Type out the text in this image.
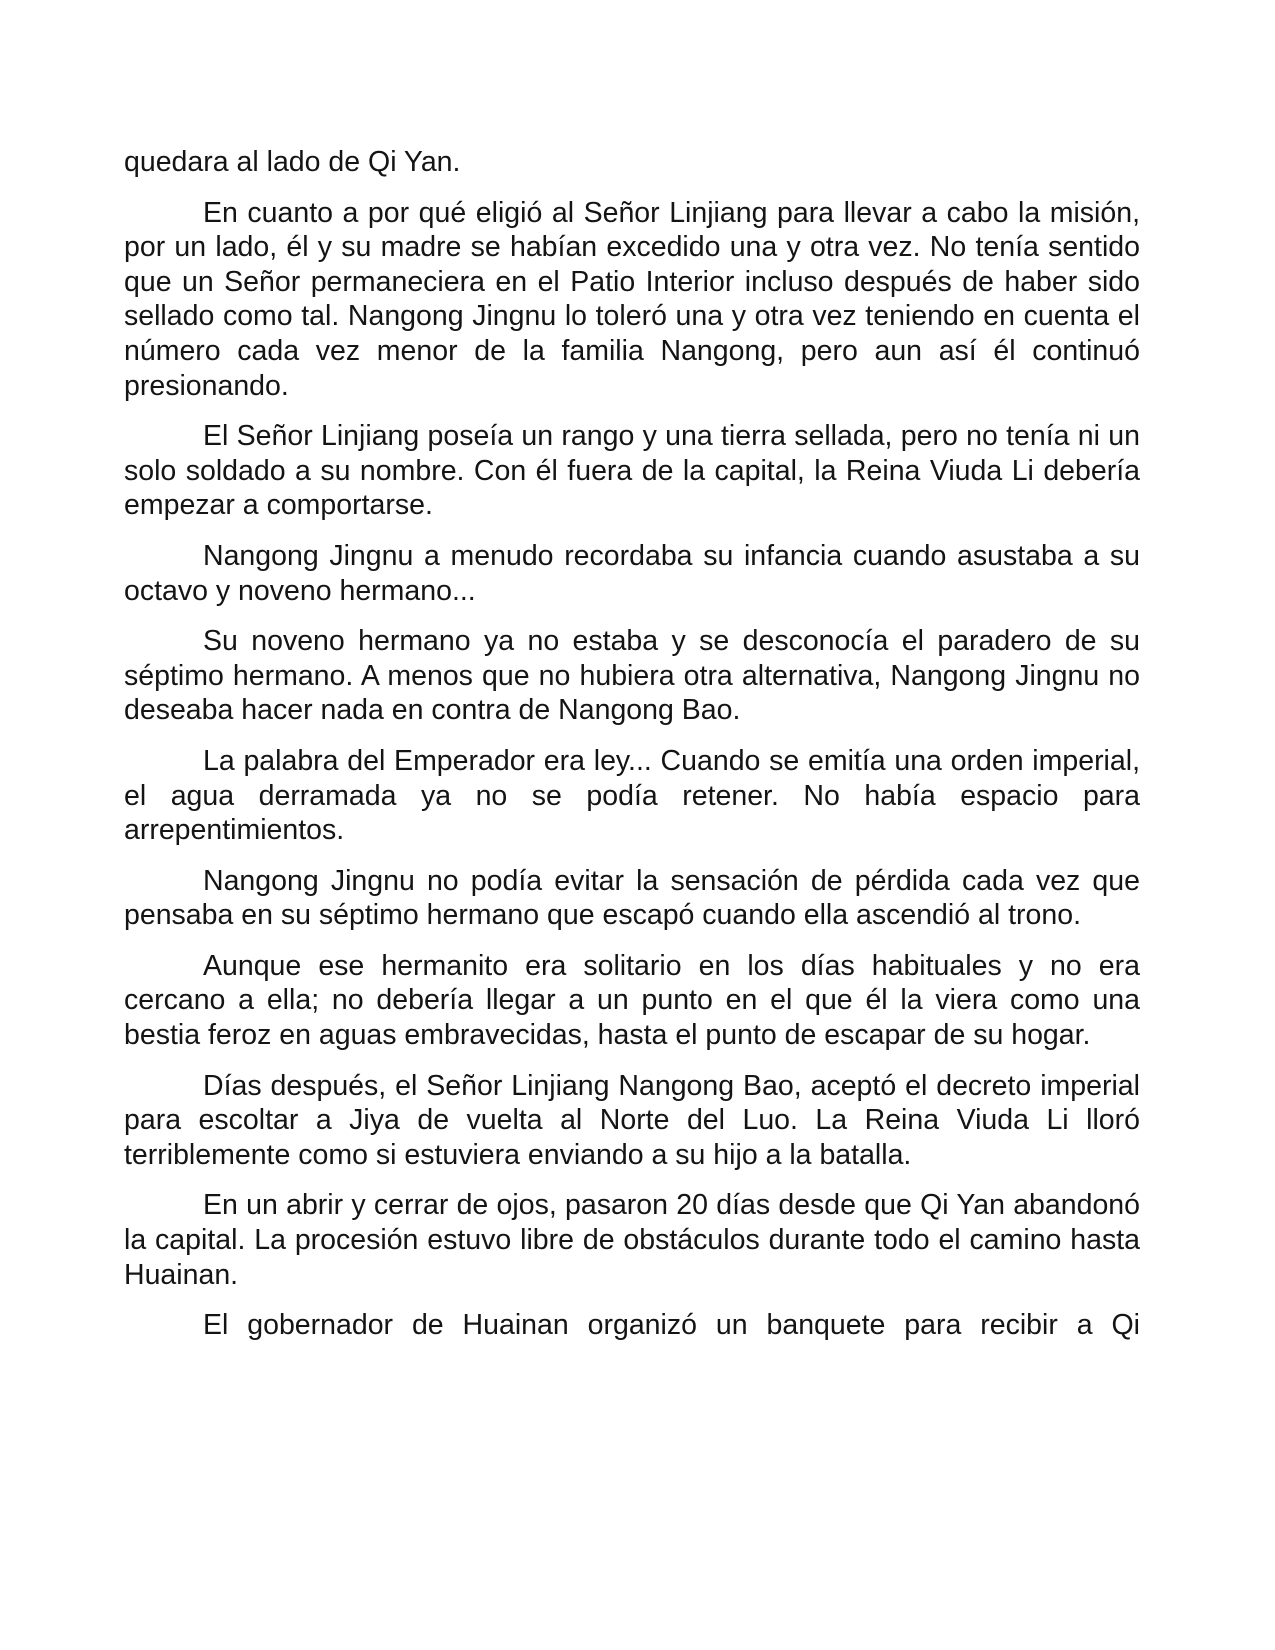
quedara al lado de Qi Yan.

En cuanto a por qué eligió al Señor Linjiang para llevar a cabo la misión, por un lado, él y su madre se habían excedido una y otra vez. No tenía sentido que un Señor permaneciera en el Patio Interior incluso después de haber sido sellado como tal. Nangong Jingnu lo toleró una y otra vez teniendo en cuenta el número cada vez menor de la familia Nangong, pero aun así él continuó presionando.

El Señor Linjiang poseía un rango y una tierra sellada, pero no tenía ni un solo soldado a su nombre. Con él fuera de la capital, la Reina Viuda Li debería empezar a comportarse.

Nangong Jingnu a menudo recordaba su infancia cuando asustaba a su octavo y noveno hermano...

Su noveno hermano ya no estaba y se desconocía el paradero de su séptimo hermano. A menos que no hubiera otra alternativa, Nangong Jingnu no deseaba hacer nada en contra de Nangong Bao.

La palabra del Emperador era ley... Cuando se emitía una orden imperial, el agua derramada ya no se podía retener. No había espacio para arrepentimientos.

Nangong Jingnu no podía evitar la sensación de pérdida cada vez que pensaba en su séptimo hermano que escapó cuando ella ascendió al trono.

Aunque ese hermanito era solitario en los días habituales y no era cercano a ella; no debería llegar a un punto en el que él la viera como una bestia feroz en aguas embravecidas, hasta el punto de escapar de su hogar.

Días después, el Señor Linjiang Nangong Bao, aceptó el decreto imperial para escoltar a Jiya de vuelta al Norte del Luo. La Reina Viuda Li lloró terriblemente como si estuviera enviando a su hijo a la batalla.

En un abrir y cerrar de ojos, pasaron 20 días desde que Qi Yan abandonó la capital. La procesión estuvo libre de obstáculos durante todo el camino hasta Huainan.

El gobernador de Huainan organizó un banquete para recibir a Qi
